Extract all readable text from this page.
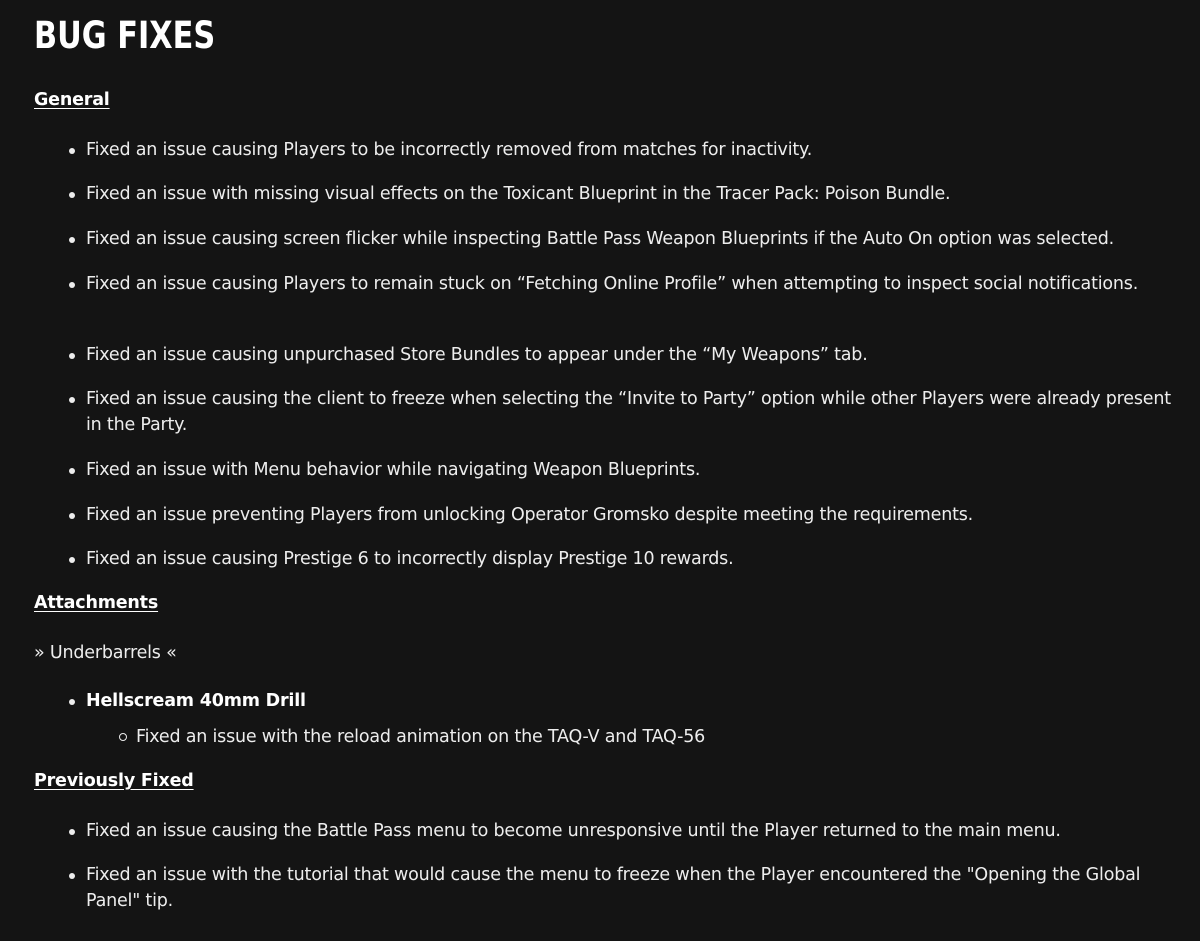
BUG FIXES
General
Fixed an issue causing Players to be incorrectly removed from matches for inactivity.
Fixed an issue with missing visual effects on the Toxicant Blueprint in the Tracer Pack: Poison Bundle.
Fixed an issue causing screen flicker while inspecting Battle Pass Weapon Blueprints if the Auto On option was selected.
Fixed an issue causing Players to remain stuck on “Fetching Online Profile” when attempting to inspect social notifications.
Fixed an issue causing unpurchased Store Bundles to appear under the “My Weapons” tab.
Fixed an issue causing the client to freeze when selecting the “Invite to Party” option while other Players were already present in the Party.
Fixed an issue with Menu behavior while navigating Weapon Blueprints.
Fixed an issue preventing Players from unlocking Operator Gromsko despite meeting the requirements.
Fixed an issue causing Prestige 6 to incorrectly display Prestige 10 rewards.
Attachments
» Underbarrels «
Hellscream 40mm Drill
Fixed an issue with the reload animation on the TAQ-V and TAQ-56
Previously Fixed
Fixed an issue causing the Battle Pass menu to become unresponsive until the Player returned to the main menu.
Fixed an issue with the tutorial that would cause the menu to freeze when the Player encountered the "Opening the Global Panel" tip.
